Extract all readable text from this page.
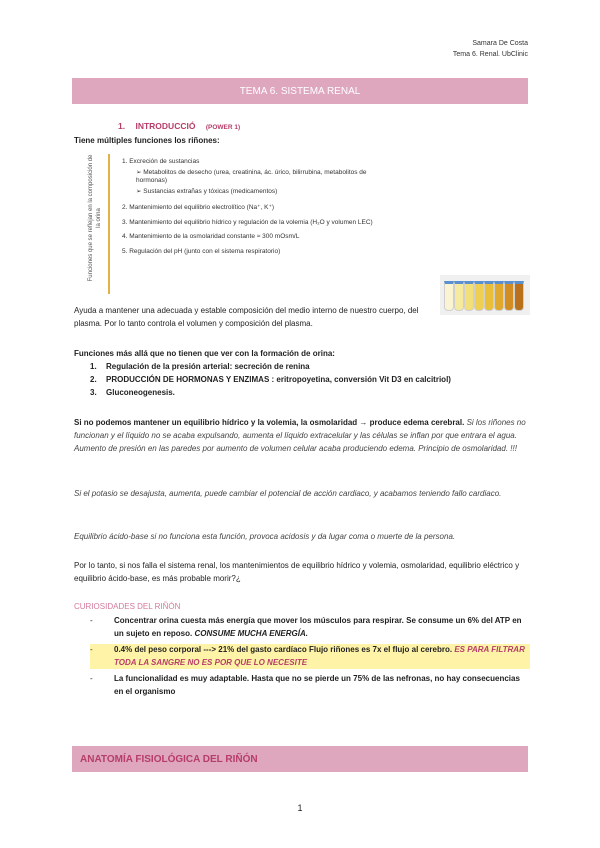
Samara De Costa
Tema 6. Renal. UbClinic
TEMA 6. SISTEMA RENAL
1. INTRODUCCIÓ (POWER 1)
Tiene múltiples funciones los riñones:
Funciones que se reflejan en la composición de la orina
1. Excreción de sustancias
➢ Metabolitos de desecho (urea, creatinina, ác. úrico, bilirrubina, metabolitos de hormonas)
➢ Sustancias extrañas y tóxicas (medicamentos)
2. Mantenimiento del equilibrio electrolítico (Na⁺, K⁺)
3. Mantenimiento del equilibrio hídrico y regulación de la volemia (H₂O y volumen LEC)
4. Mantenimiento de la osmolaridad constante ≈ 300 mOsm/L
5. Regulación del pH (junto con el sistema respiratorio)
Ayuda a mantener una adecuada y estable composición del medio interno de nuestro cuerpo, del plasma. Por lo tanto controla el volumen y composición del plasma.
Funciones más allá que no tienen que ver con la formación de orina:
1.	Regulación de la presión arterial: secreción de renina
2.	PRODUCCIÓN DE HORMONAS Y ENZIMAS : eritropoyetina, conversión Vit D3 en calcitriol)
3.	Gluconeogenesis.
Si no podemos mantener un equilibrio hídrico y la volemia, la osmolaridad → produce edema cerebral. Si los riñones no funcionan y el líquido no se acaba expulsando, aumenta el líquido extracelular y las células se inflan por que entrara el agua. Aumento de presión en las paredes por aumento de volumen celular acaba produciendo edema. Principio de osmolaridad. !!!
Si el potasio se desajusta, aumenta, puede cambiar el potencial de acción cardiaco, y acabamos teniendo fallo cardiaco.
Equilibrio ácido-base si no funciona esta función, provoca acidosis y da lugar coma o muerte de la persona.
Por lo tanto, si nos falla el sistema renal, los mantenimientos de equilibrio hídrico y volemia, osmolaridad, equilibrio eléctrico y equilibrio ácido-base, es más probable morir?¿
CURIOSIDADES DEL RIÑÓN
-	Concentrar orina cuesta más energía que mover los músculos para respirar. Se consume un 6% del ATP en un sujeto en reposo. CONSUME MUCHA ENERGÍA.
-	0.4% del peso corporal ---> 21% del gasto cardíaco Flujo riñones es 7x el flujo al cerebro. ES PARA FILTRAR TODA LA SANGRE NO ES POR QUE LO NECESITE
-	La funcionalidad es muy adaptable. Hasta que no se pierde un 75% de las nefronas, no hay consecuencias en el organismo
ANATOMÍA FISIOLÓGICA DEL RIÑÓN
1
